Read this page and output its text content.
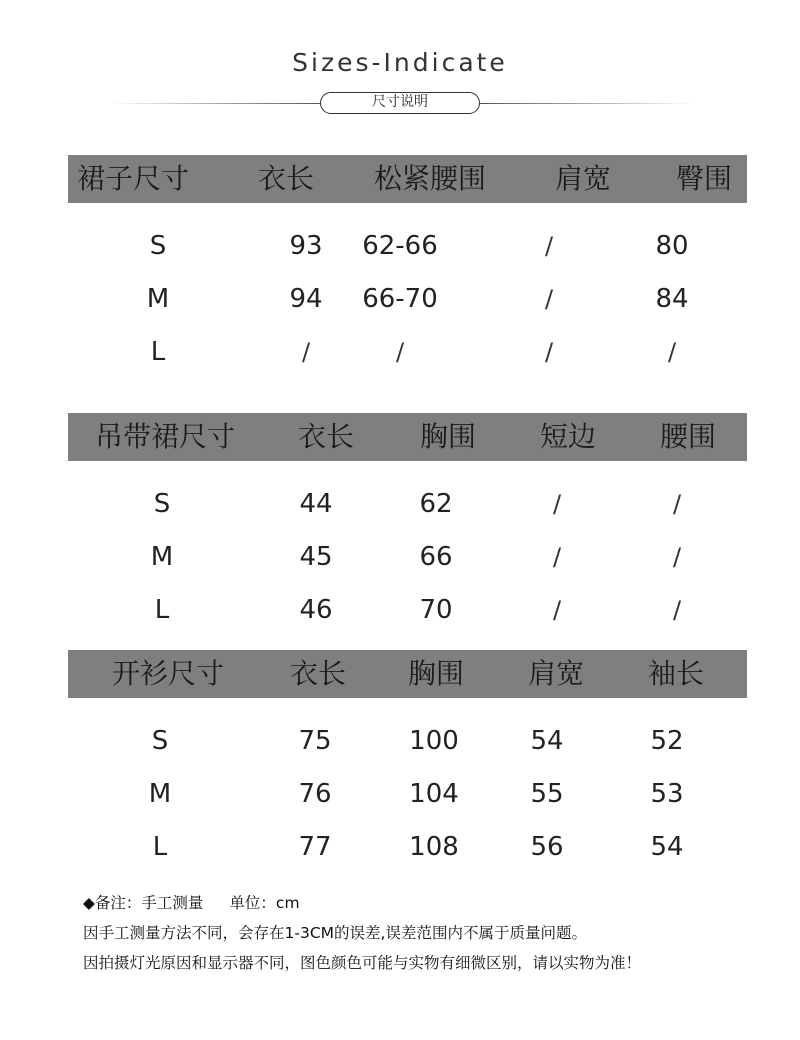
Sizes-Indicate
尺寸说明
裙子尺寸 衣长 松紧腰围 肩宽 臀围
S	93 62-66	/	80
M	94 66-70	/	84
L	/	/	/	/
吊带裙尺寸 衣长 胸围 短边 腰围
S	44	62	/	/
M	45	66	/	/
L	46	70	/	/
开衫尺寸 衣长 胸围 肩宽 袖长
S	75	100	54	52
M	76	104	55	53
L	77	108	56	54
◆备注：手工测量 单位：cm
因手工测量方法不同，会存在1-3CM的误差,误差范围内不属于质量问题。
因拍摄灯光原因和显示器不同，图色颜色可能与实物有细微区别，请以实物为准！
